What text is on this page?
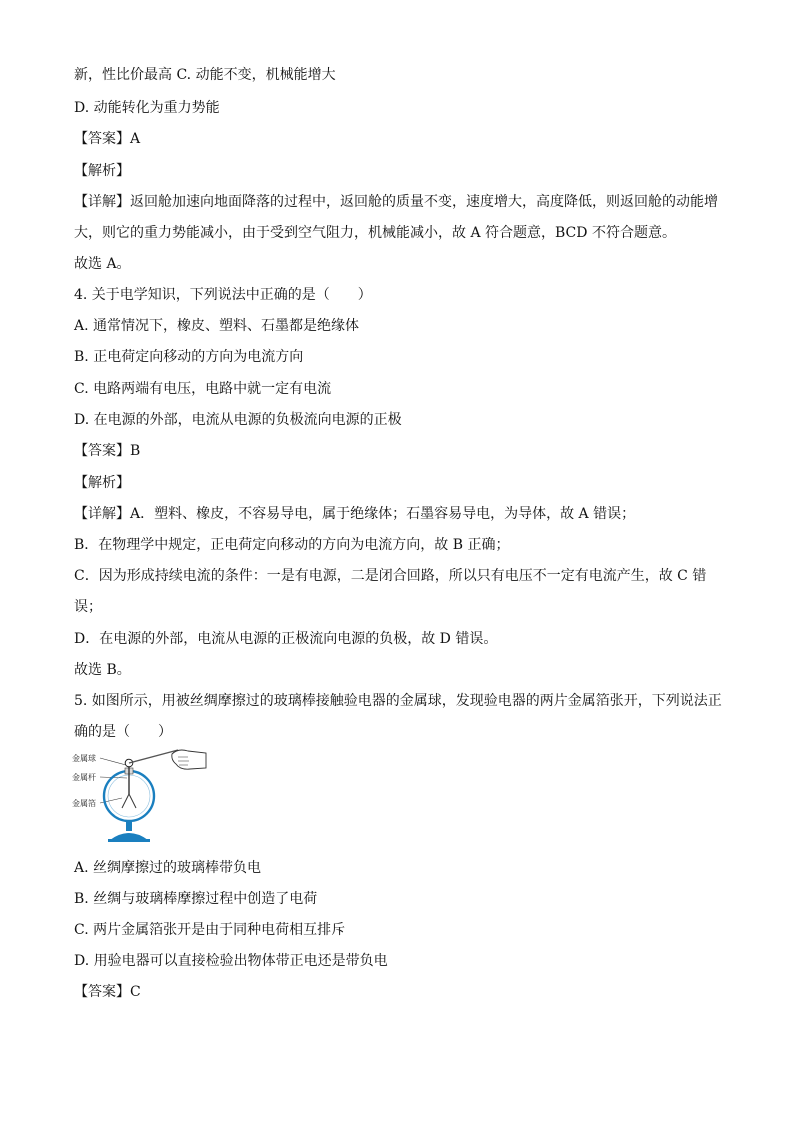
新，性比价最高 C. 动能不变，机械能增大
D. 动能转化为重力势能
【答案】A
【解析】
【详解】返回舱加速向地面降落的过程中，返回舱的质量不变，速度增大，高度降低，则返回舱的动能增
大，则它的重力势能减小，由于受到空气阻力，机械能减小，故 A 符合题意，BCD 不符合题意。
故选 A。
4. 关于电学知识，下列说法中正确的是（　　）
A. 通常情况下，橡皮、塑料、石墨都是绝缘体
B. 正电荷定向移动的方向为电流方向
C. 电路两端有电压，电路中就一定有电流
D. 在电源的外部，电流从电源的负极流向电源的正极
【答案】B
【解析】
【详解】A．塑料、橡皮，不容易导电，属于绝缘体；石墨容易导电，为导体，故 A 错误；
B．在物理学中规定，正电荷定向移动的方向为电流方向，故 B 正确；
C．因为形成持续电流的条件：一是有电源，二是闭合回路，所以只有电压不一定有电流产生，故 C 错
误；
D．在电源的外部，电流从电源的正极流向电源的负极，故 D 错误。
故选 B。
5. 如图所示，用被丝绸摩擦过的玻璃棒接触验电器的金属球，发现验电器的两片金属箔张开，下列说法正
确的是（　　）
金属球
金属杆
金属箔
A. 丝绸摩擦过的玻璃棒带负电
B. 丝绸与玻璃棒摩擦过程中创造了电荷
C. 两片金属箔张开是由于同种电荷相互排斥
D. 用验电器可以直接检验出物体带正电还是带负电
【答案】C
